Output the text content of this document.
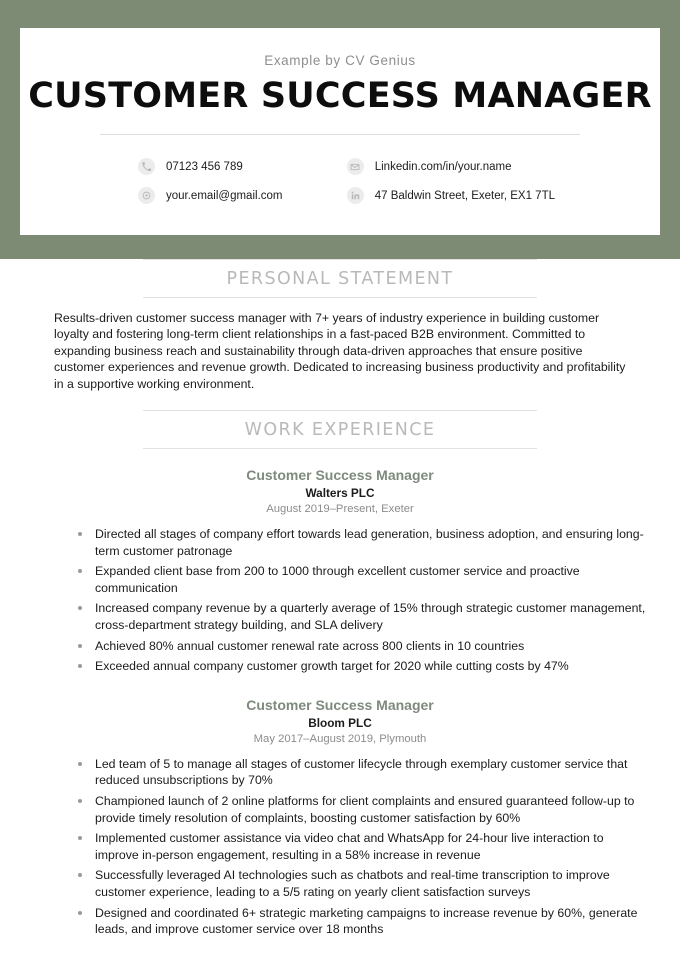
Example by CV Genius
CUSTOMER SUCCESS MANAGER
07123 456 789
your.email@gmail.com
Linkedin.com/in/your.name
47 Baldwin Street, Exeter, EX1 7TL
PERSONAL STATEMENT
Results-driven customer success manager with 7+ years of industry experience in building customer loyalty and fostering long-term client relationships in a fast-paced B2B environment. Committed to expanding business reach and sustainability through data-driven approaches that ensure positive customer experiences and revenue growth. Dedicated to increasing business productivity and profitability in a supportive working environment.
WORK EXPERIENCE
Customer Success Manager
Walters PLC
August 2019–Present, Exeter
Directed all stages of company effort towards lead generation, business adoption, and ensuring long-term customer patronage
Expanded client base from 200 to 1000 through excellent customer service and proactive communication
Increased company revenue by a quarterly average of 15% through strategic customer management, cross-department strategy building, and SLA delivery
Achieved 80% annual customer renewal rate across 800 clients in 10 countries
Exceeded annual company customer growth target for 2020 while cutting costs by 47%
Customer Success Manager
Bloom PLC
May 2017–August 2019, Plymouth
Led team of 5 to manage all stages of customer lifecycle through exemplary customer service that reduced unsubscriptions by 70%
Championed launch of 2 online platforms for client complaints and ensured guaranteed follow-up to provide timely resolution of complaints, boosting customer satisfaction by 60%
Implemented customer assistance via video chat and WhatsApp for 24-hour live interaction to improve in-person engagement, resulting in a 58% increase in revenue
Successfully leveraged AI technologies such as chatbots and real-time transcription to improve customer experience, leading to a 5/5 rating on yearly client satisfaction surveys
Designed and coordinated 6+ strategic marketing campaigns to increase revenue by 60%, generate leads, and improve customer service over 18 months
